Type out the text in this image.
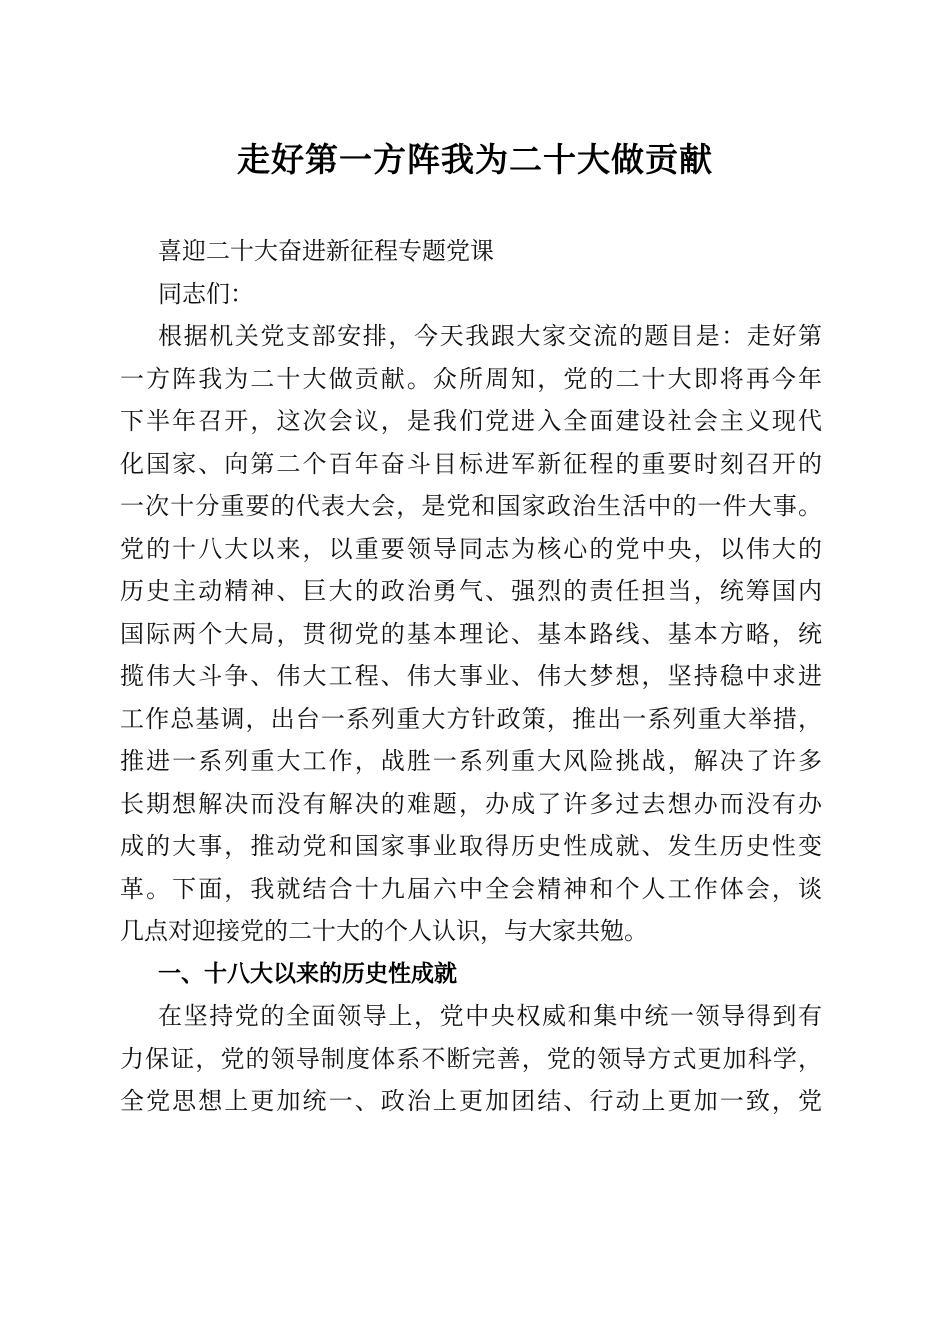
走好第一方阵我为二十大做贡献
喜迎二十大奋进新征程专题党课
同志们：
根据机关党支部安排，今天我跟大家交流的题目是：走好第
一方阵我为二十大做贡献。众所周知，党的二十大即将再今年
下半年召开，这次会议，是我们党进入全面建设社会主义现代
化国家、向第二个百年奋斗目标进军新征程的重要时刻召开的
一次十分重要的代表大会，是党和国家政治生活中的一件大事。
党的十八大以来，以重要领导同志为核心的党中央，以伟大的
历史主动精神、巨大的政治勇气、强烈的责任担当，统筹国内
国际两个大局，贯彻党的基本理论、基本路线、基本方略，统
揽伟大斗争、伟大工程、伟大事业、伟大梦想，坚持稳中求进
工作总基调，出台一系列重大方针政策，推出一系列重大举措，
推进一系列重大工作，战胜一系列重大风险挑战，解决了许多
长期想解决而没有解决的难题，办成了许多过去想办而没有办
成的大事，推动党和国家事业取得历史性成就、发生历史性变
革。下面，我就结合十九届六中全会精神和个人工作体会，谈
几点对迎接党的二十大的个人认识，与大家共勉。
一、十八大以来的历史性成就
在坚持党的全面领导上，党中央权威和集中统一领导得到有
力保证，党的领导制度体系不断完善，党的领导方式更加科学，
全党思想上更加统一、政治上更加团结、行动上更加一致，党
